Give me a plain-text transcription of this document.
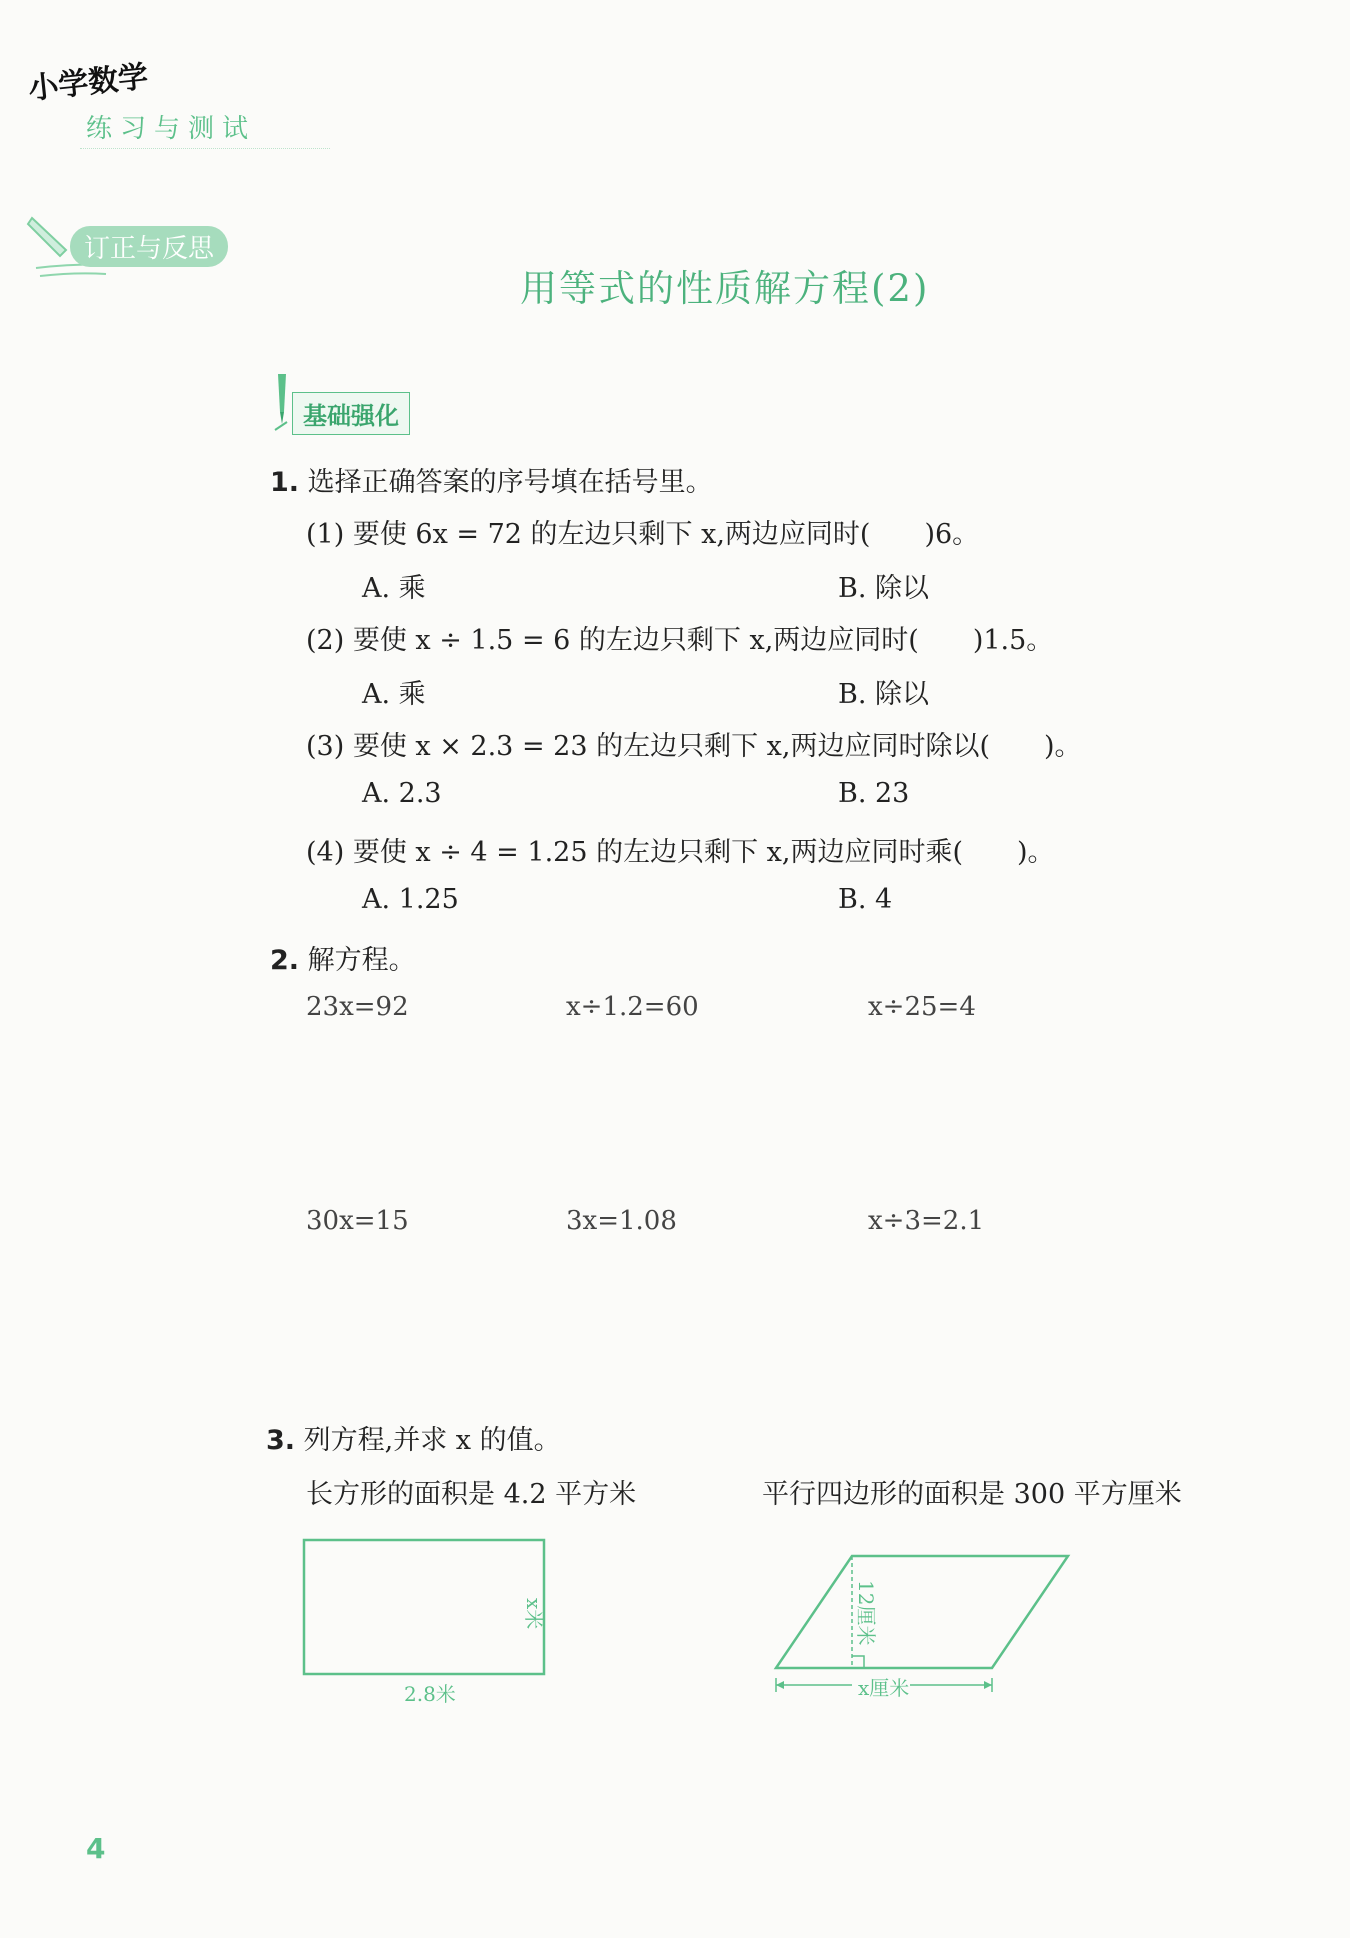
小学数学
练习与测试
订正与反思
用等式的性质解方程(2)
基础强化
1. 选择正确答案的序号填在括号里。
(1) 要使 6x = 72 的左边只剩下 x,两边应同时(　　)6。
A. 乘	B. 除以
(2) 要使 x ÷ 1.5 = 6 的左边只剩下 x,两边应同时(　　)1.5。
A. 乘	B. 除以
(3) 要使 x × 2.3 = 23 的左边只剩下 x,两边应同时除以(　　)。
A. 2.3	B. 23
(4) 要使 x ÷ 4 = 1.25 的左边只剩下 x,两边应同时乘(　　)。
A. 1.25	B. 4
2. 解方程。
23x=92	x÷1.2=60	x÷25=4
30x=15	3x=1.08	x÷3=2.1
3. 列方程,并求 x 的值。
长方形的面积是 4.2 平方米	平行四边形的面积是 300 平方厘米
2.8米
x米
x厘米
12厘米
4
